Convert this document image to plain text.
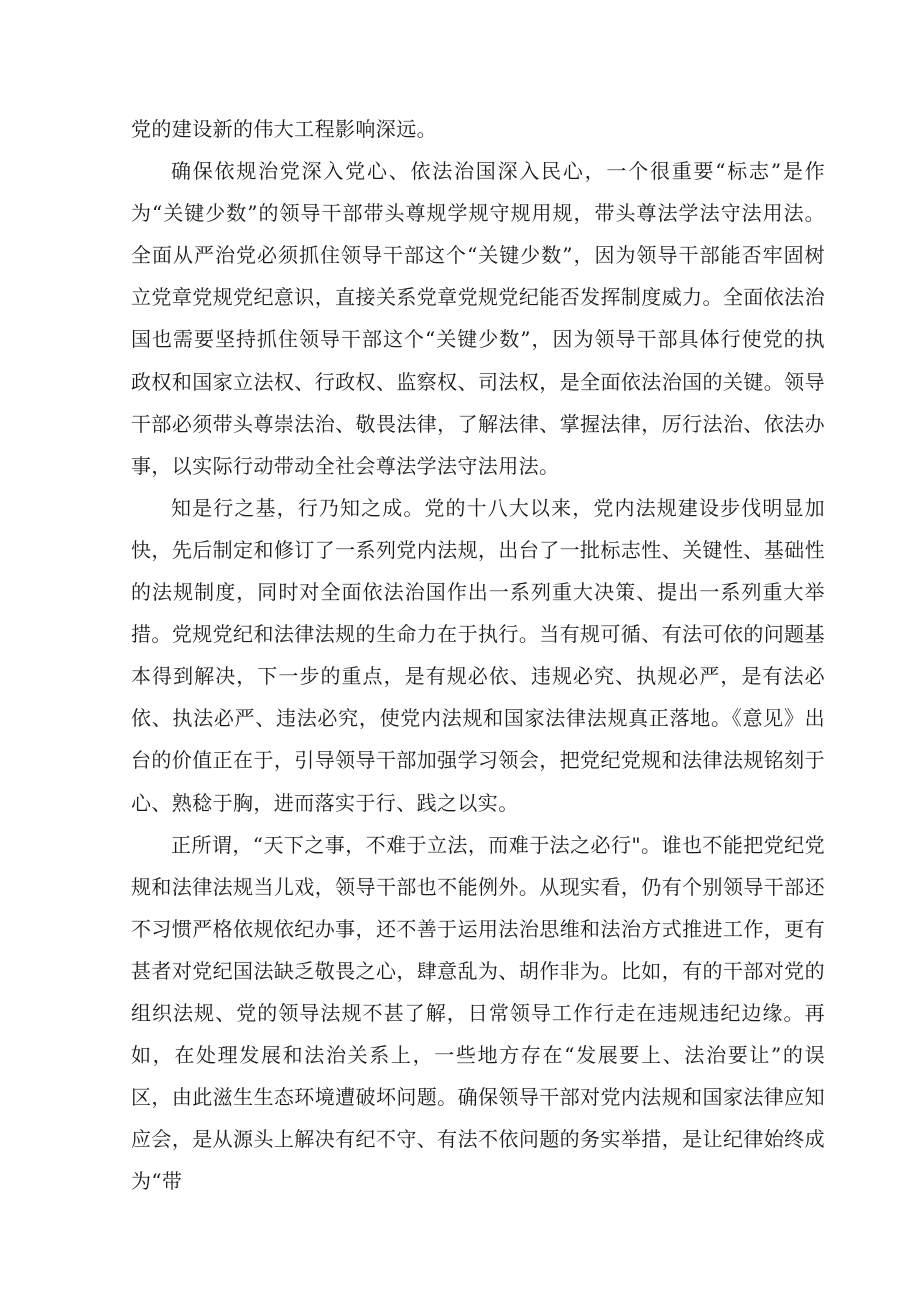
党的建设新的伟大工程影响深远。

确保依规治党深入党心、依法治国深入民心，一个很重要“标志”是作为“关键少数”的领导干部带头尊规学规守规用规，带头尊法学法守法用法。全面从严治党必须抓住领导干部这个“关键少数”，因为领导干部能否牢固树立党章党规党纪意识，直接关系党章党规党纪能否发挥制度威力。全面依法治国也需要坚持抓住领导干部这个“关键少数”，因为领导干部具体行使党的执政权和国家立法权、行政权、监察权、司法权，是全面依法治国的关键。领导干部必须带头尊崇法治、敬畏法律，了解法律、掌握法律，厉行法治、依法办事，以实际行动带动全社会尊法学法守法用法。

知是行之基，行乃知之成。党的十八大以来，党内法规建设步伐明显加快，先后制定和修订了一系列党内法规，出台了一批标志性、关键性、基础性的法规制度，同时对全面依法治国作出一系列重大决策、提出一系列重大举措。党规党纪和法律法规的生命力在于执行。当有规可循、有法可依的问题基本得到解决，下一步的重点，是有规必依、违规必究、执规必严，是有法必依、执法必严、违法必究，使党内法规和国家法律法规真正落地。《意见》出台的价值正在于，引导领导干部加强学习领会，把党纪党规和法律法规铭刻于心、熟稔于胸，进而落实于行、践之以实。

正所谓，“天下之事，不难于立法，而难于法之必行"。谁也不能把党纪党规和法律法规当儿戏，领导干部也不能例外。从现实看，仍有个别领导干部还不习惯严格依规依纪办事，还不善于运用法治思维和法治方式推进工作，更有甚者对党纪国法缺乏敬畏之心，肆意乱为、胡作非为。比如，有的干部对党的组织法规、党的领导法规不甚了解，日常领导工作行走在违规违纪边缘。再如，在处理发展和法治关系上，一些地方存在“发展要上、法治要让”的误区，由此滋生生态环境遭破坏问题。确保领导干部对党内法规和国家法律应知应会，是从源头上解决有纪不守、有法不依问题的务实举措，是让纪律始终成为“带
